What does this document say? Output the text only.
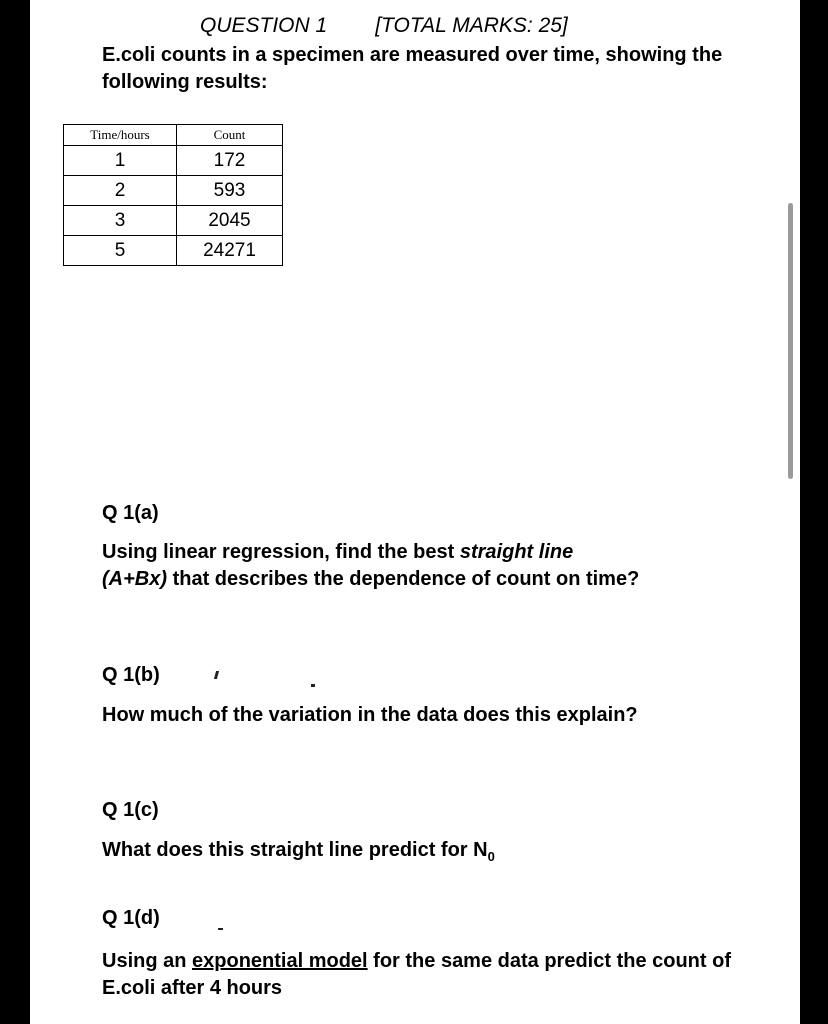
QUESTION 1 [TOTAL MARKS: 25]
E.coli counts in a specimen are measured over time, showing the following results:
Time/hours	Count
1	172
2	593
3	2045
5	24271
Q 1(a)
Using linear regression, find the best straight line
(A+Bx) that describes the dependence of count on time?
Q 1(b)
How much of the variation in the data does this explain?
Q 1(c)
What does this straight line predict for $N_0$
Q 1(d)
Using an exponential model for the same data predict the count of E.coli after 4 hours
